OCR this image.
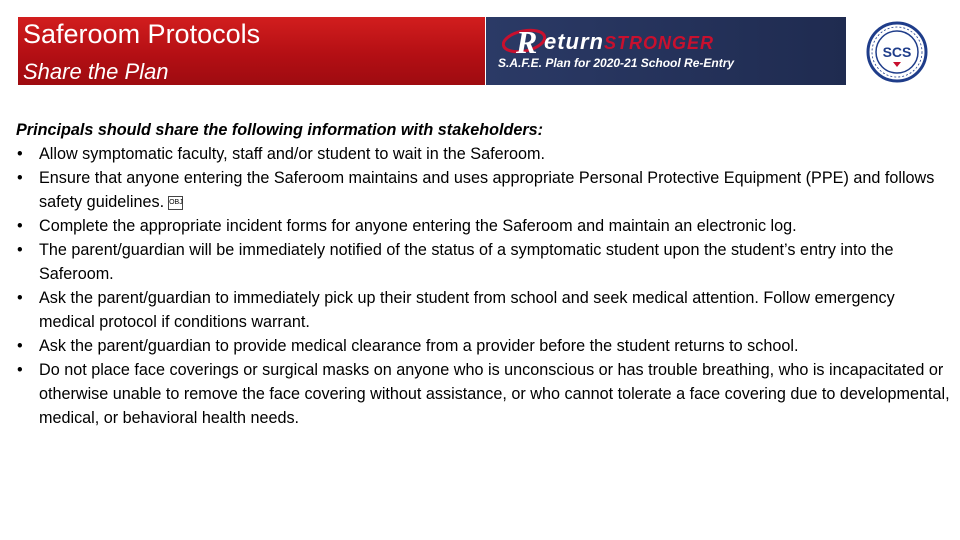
Saferoom Protocols
Share the Plan
R eturnSTRONGER
S.A.F.E. Plan for 2020-21 School Re-Entry
SCS

Principals should share the following information with stakeholders:

• Allow symptomatic faculty, staff and/or student to wait in the Saferoom.
• Ensure that anyone entering the Saferoom maintains and uses appropriate Personal Protective Equipment (PPE) and follows safety guidelines. OBJ
• Complete the appropriate incident forms for anyone entering the Saferoom and maintain an electronic log.
• The parent/guardian will be immediately notified of the status of a symptomatic student upon the student’s entry into the Saferoom.
• Ask the parent/guardian to immediately pick up their student from school and seek medical attention. Follow emergency medical protocol if conditions warrant.
• Ask the parent/guardian to provide medical clearance from a provider before the student returns to school.
• Do not place face coverings or surgical masks on anyone who is unconscious or has trouble breathing, who is incapacitated or otherwise unable to remove the face covering without assistance, or who cannot tolerate a face covering due to developmental, medical, or behavioral health needs.
